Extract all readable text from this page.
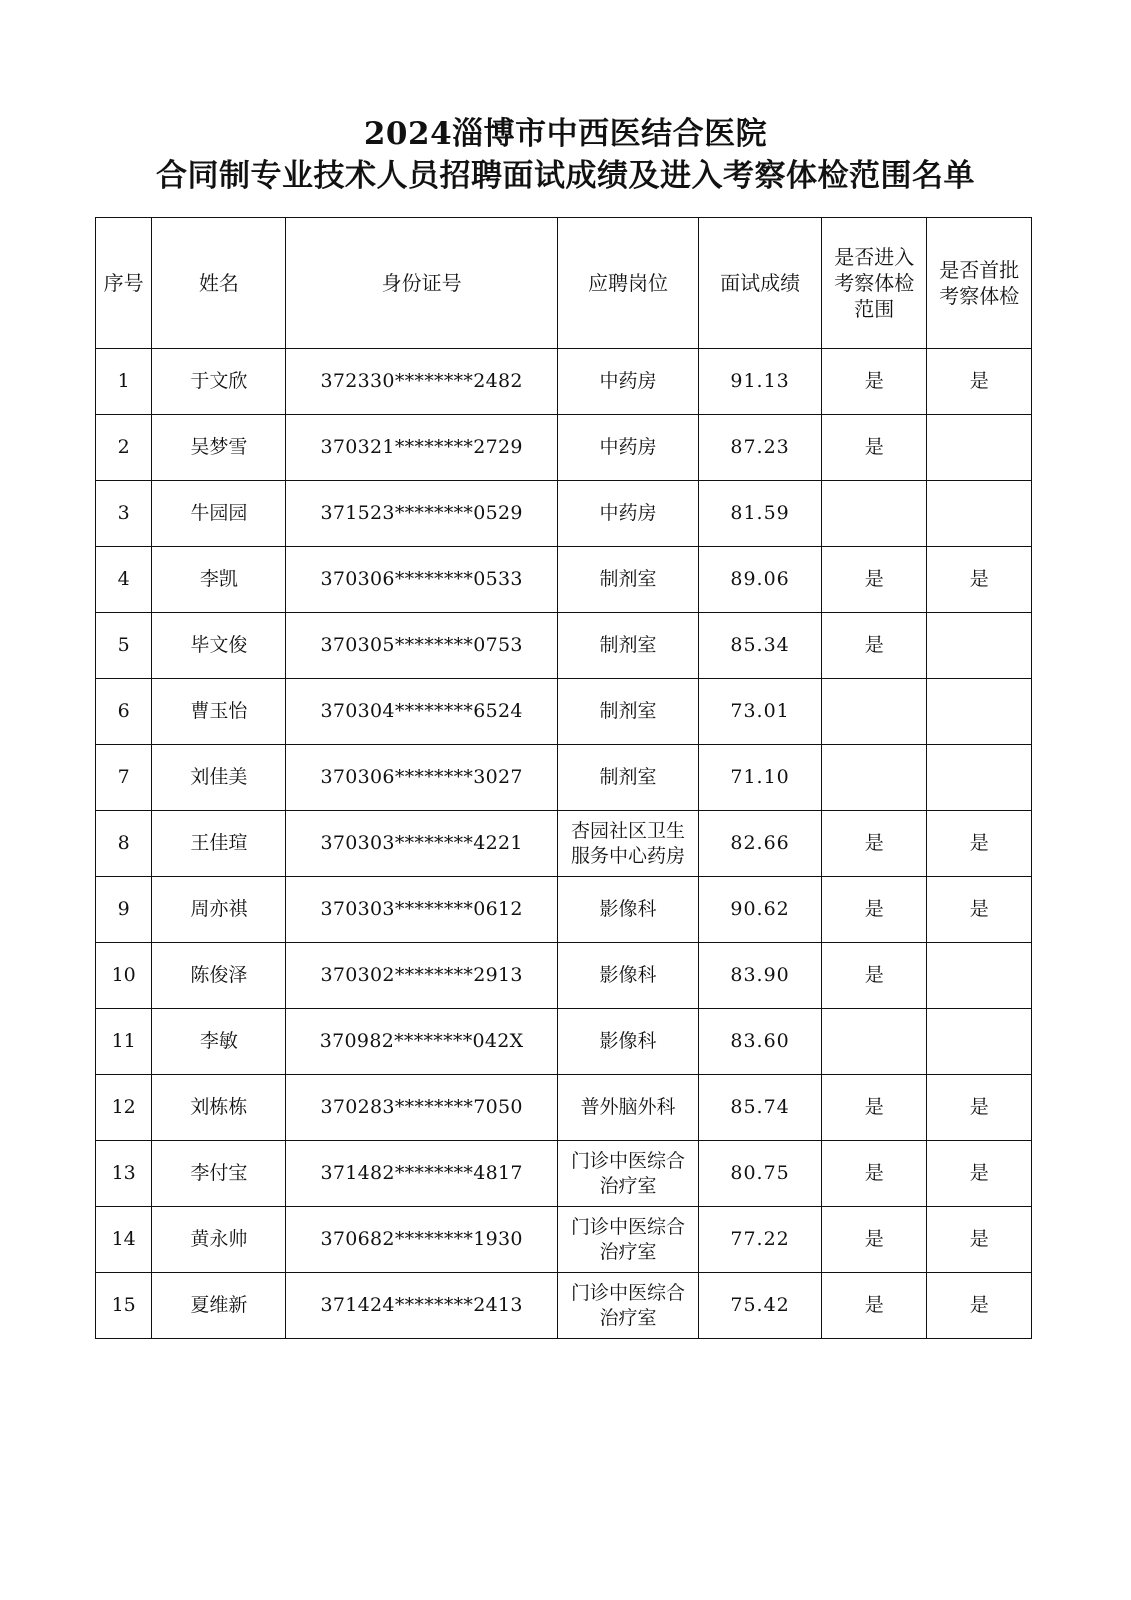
2024淄博市中西医结合医院
合同制专业技术人员招聘面试成绩及进入考察体检范围名单
序号	姓名	身份证号	应聘岗位	面试成绩	是否进入考察体检范围	是否首批考察体检
1	于文欣	372330********2482	中药房	91.13	是	是
2	吴梦雪	370321********2729	中药房	87.23	是	
3	牛园园	371523********0529	中药房	81.59		
4	李凯	370306********0533	制剂室	89.06	是	是
5	毕文俊	370305********0753	制剂室	85.34	是	
6	曹玉怡	370304********6524	制剂室	73.01		
7	刘佳美	370306********3027	制剂室	71.10		
8	王佳瑄	370303********4221	杏园社区卫生服务中心药房	82.66	是	是
9	周亦祺	370303********0612	影像科	90.62	是	是
10	陈俊泽	370302********2913	影像科	83.90	是	
11	李敏	370982********042X	影像科	83.60		
12	刘栋栋	370283********7050	普外脑外科	85.74	是	是
13	李付宝	371482********4817	门诊中医综合治疗室	80.75	是	是
14	黄永帅	370682********1930	门诊中医综合治疗室	77.22	是	是
15	夏维新	371424********2413	门诊中医综合治疗室	75.42	是	是
